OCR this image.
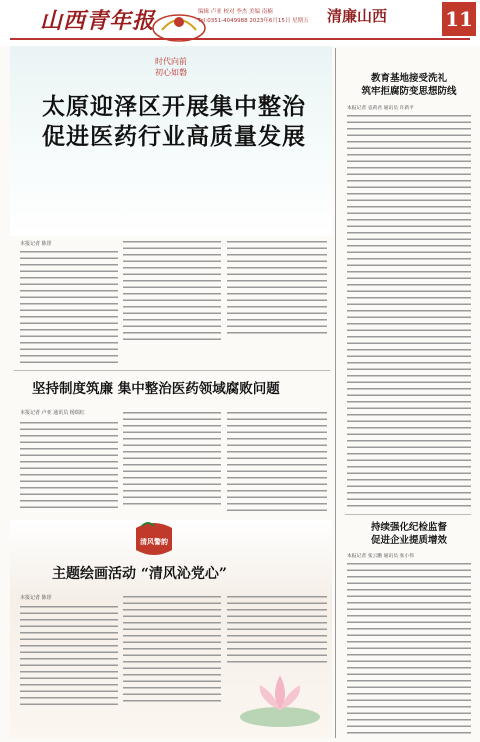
山西青年报	编辑 卢亚 校对 李杰 美编 南楠
Tel:0351-4049988 2023年6月15日 星期五 清廉山西	11
时代向前
初心如磐
太原迎泽区开展集中整治
促进医药行业高质量发展
本报记者 陈彤
坚持制度筑廉 集中整治医药领域腐败问题
本报记者 卢亚 通讯员 杨瑞红
清风警韵
主题绘画活动 “清风沁党心”
本报记者 陈彤
教育基地接受洗礼
筑牢拒腐防变思想防线
本报记者 袁莉君 通讯员 许新平
持续强化纪检监督
促进企业提质增效
本报记者 张云鹏 通讯员 张小伟
